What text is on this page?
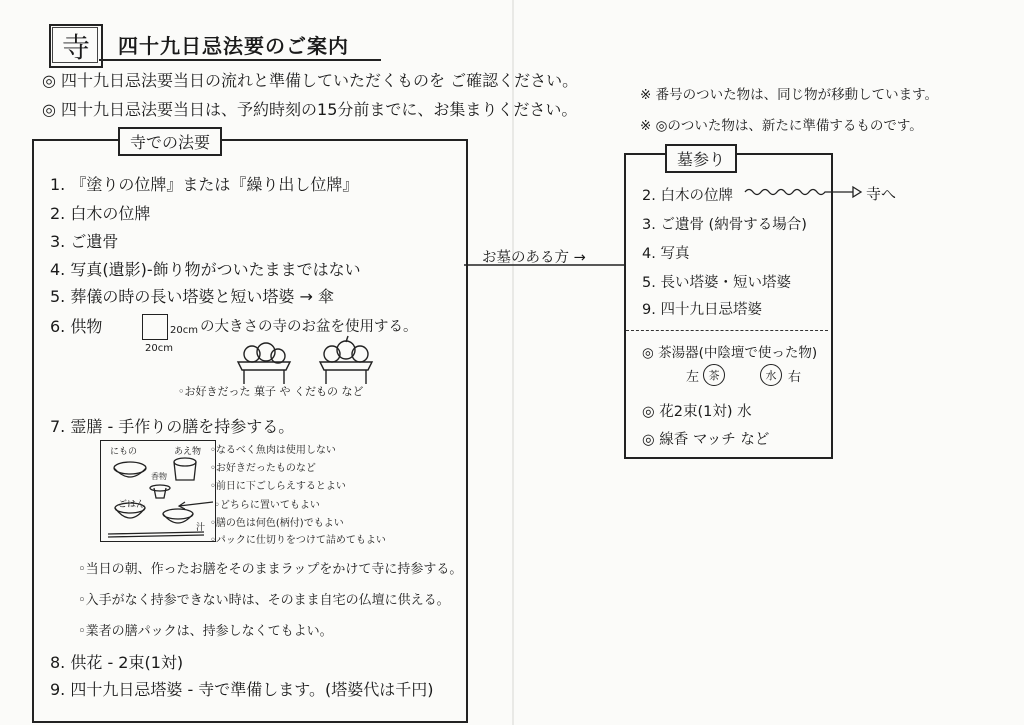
寺 四十九日忌法要のご案内
◎ 四十九日忌法要当日の流れと準備していただくものを ご確認ください。
◎ 四十九日忌法要当日は、予約時刻の15分前までに、お集まりください。
※ 番号のついた物は、同じ物が移動しています。
※ ◎のついた物は、新たに準備するものです。
寺での法要
1. 『塗りの位牌』または『繰り出し位牌』
2. 白木の位牌
3. ご遺骨
4. 写真(遺影)-飾り物がついたままではない
5. 葬儀の時の長い塔婆と短い塔婆 → 傘
6. 供物	20cm
20cm
の大きさの寺のお盆を使用する。
◦お好きだった 菓子 や くだもの など
7. 霊膳 - 手作りの膳を持参する。
にもの	あえ物
香物
ごはん
汁
◦なるべく魚肉は使用しない
◦お好きだったものなど
◦前日に下ごしらえするとよい
◦どちらに置いてもよい
◦膳の色は何色(柄付)でもよい
◦パックに仕切りをつけて詰めてもよい
◦当日の朝、作ったお膳をそのままラップをかけて寺に持参する。
◦入手がなく持参できない時は、そのまま自宅の仏壇に供える。
◦業者の膳パックは、持参しなくてもよい。
8. 供花 - 2束(1対)
9. 四十九日忌塔婆 - 寺で準備します。(塔婆代は千円)
お墓のある方 →
墓参り
2. 白木の位牌	寺へ
3. ご遺骨 (納骨する場合)
4. 写真
5. 長い塔婆・短い塔婆
9. 四十九日忌塔婆
◎ 茶湯器(中陰壇で使った物)
左 茶	水 右
◎ 花2束(1対) 水
◎ 線香 マッチ など
